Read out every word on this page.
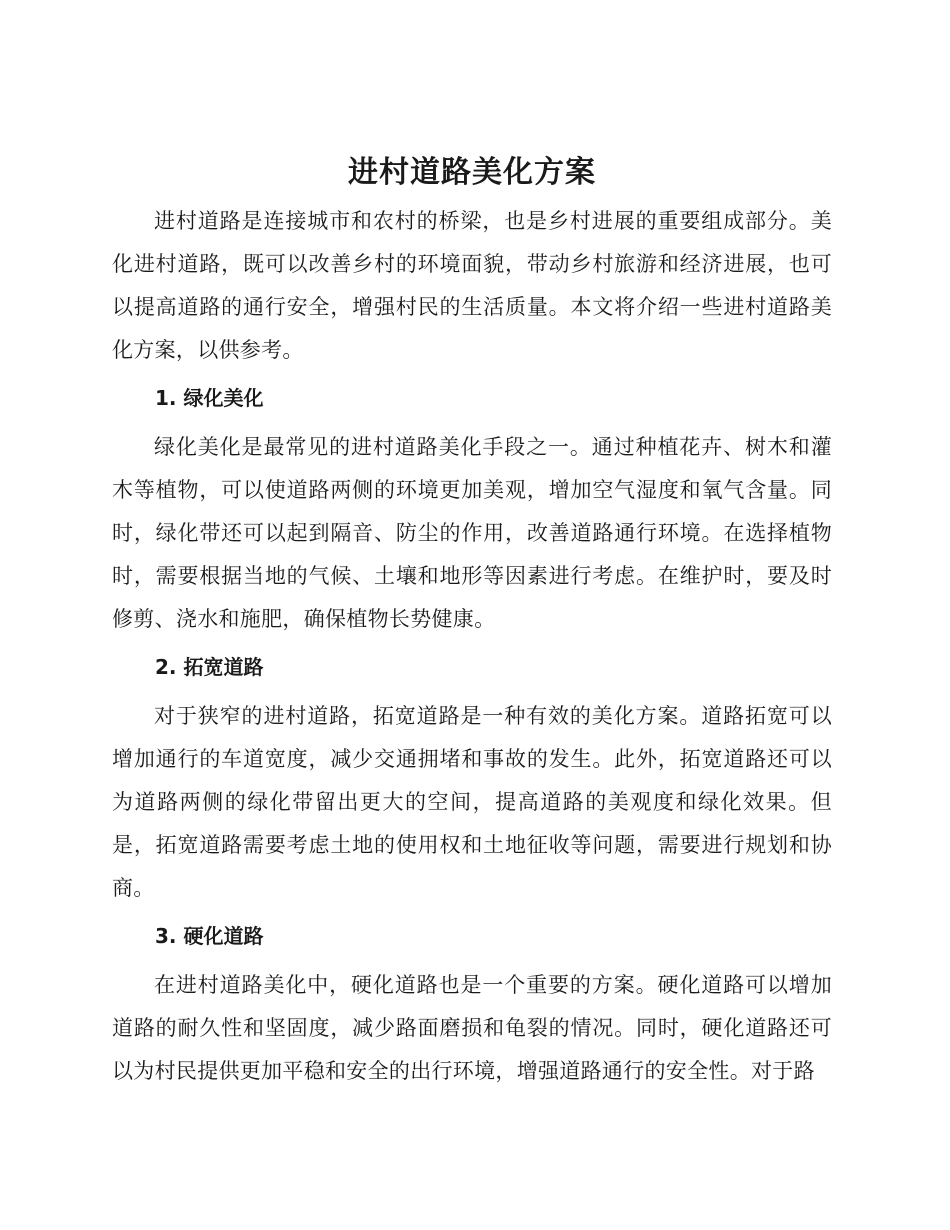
进村道路美化方案

进村道路是连接城市和农村的桥梁，也是乡村进展的重要组成部分。美化进村道路，既可以改善乡村的环境面貌，带动乡村旅游和经济进展，也可以提高道路的通行安全，增强村民的生活质量。本文将介绍一些进村道路美化方案，以供参考。

1. 绿化美化

绿化美化是最常见的进村道路美化手段之一。通过种植花卉、树木和灌木等植物，可以使道路两侧的环境更加美观，增加空气湿度和氧气含量。同时，绿化带还可以起到隔音、防尘的作用，改善道路通行环境。在选择植物时，需要根据当地的气候、土壤和地形等因素进行考虑。在维护时，要及时修剪、浇水和施肥，确保植物长势健康。

2. 拓宽道路

对于狭窄的进村道路，拓宽道路是一种有效的美化方案。道路拓宽可以增加通行的车道宽度，减少交通拥堵和事故的发生。此外，拓宽道路还可以为道路两侧的绿化带留出更大的空间，提高道路的美观度和绿化效果。但是，拓宽道路需要考虑土地的使用权和土地征收等问题，需要进行规划和协商。

3. 硬化道路

在进村道路美化中，硬化道路也是一个重要的方案。硬化道路可以增加道路的耐久性和坚固度，减少路面磨损和龟裂的情况。同时，硬化道路还可以为村民提供更加平稳和安全的出行环境，增强道路通行的安全性。对于路
